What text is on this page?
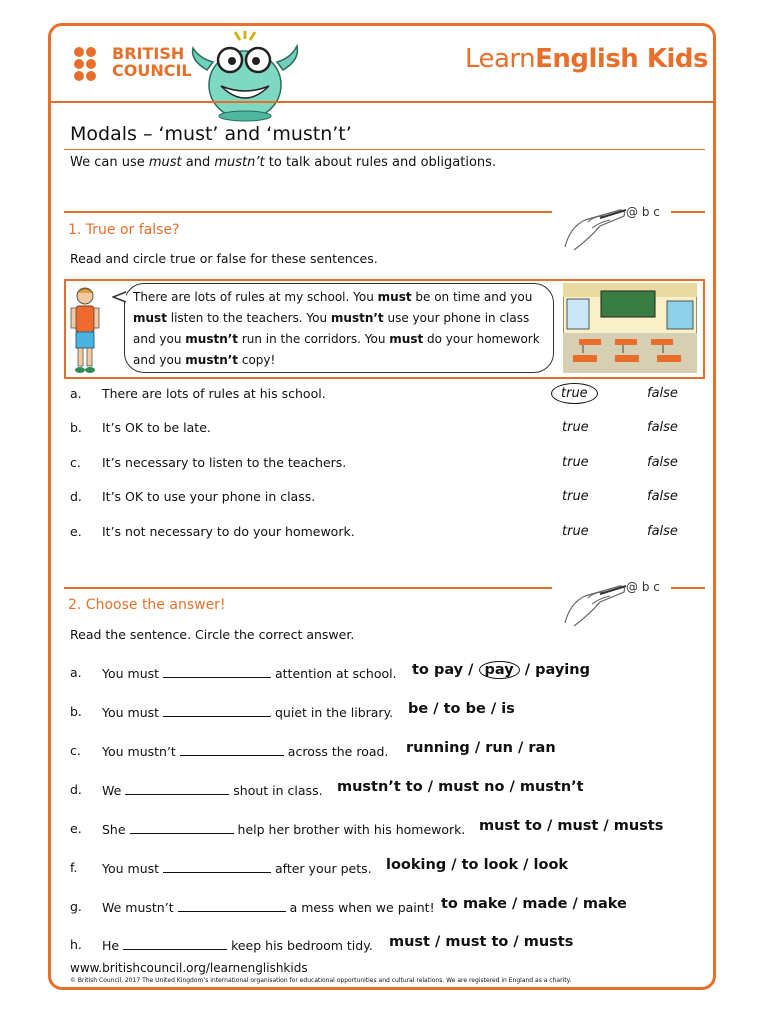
BRITISH
COUNCIL	LearnEnglish Kids
Modals – ‘must’ and ‘mustn’t’
We can use must and mustn’t to talk about rules and obligations.
@ b c
1. True or false?
Read and circle true or false for these sentences.
There are lots of rules at my school. You must be on time and you must listen to the teachers. You mustn’t use your phone in class and you mustn’t run in the corridors. You must do your homework and you mustn’t copy!
a. There are lots of rules at his school.	true	false
b. It’s OK to be late.	true	false
c. It’s necessary to listen to the teachers.	true	false
d. It’s OK to use your phone in class.	true	false
e. It’s not necessary to do your homework.	true	false
@ b c
2. Choose the answer!
Read the sentence. Circle the correct answer.
a. You must	attention at school. to pay / pay / paying
b. You must	quiet in the library. be / to be / is
c. You mustn’t	across the road. running / run / ran
d. We	shout in class. mustn’t to / must no / mustn’t
e. She	help her brother with his homework. must to / must / musts
f. You must	after your pets. looking / to look / look
g. We mustn’t	a mess when we paint! to make / made / make
h. He	keep his bedroom tidy. must / must to / musts
www.britishcouncil.org/learnenglishkids
© British Council, 2017 The United Kingdom’s international organisation for educational opportunities and cultural relations. We are registered in England as a charity.
